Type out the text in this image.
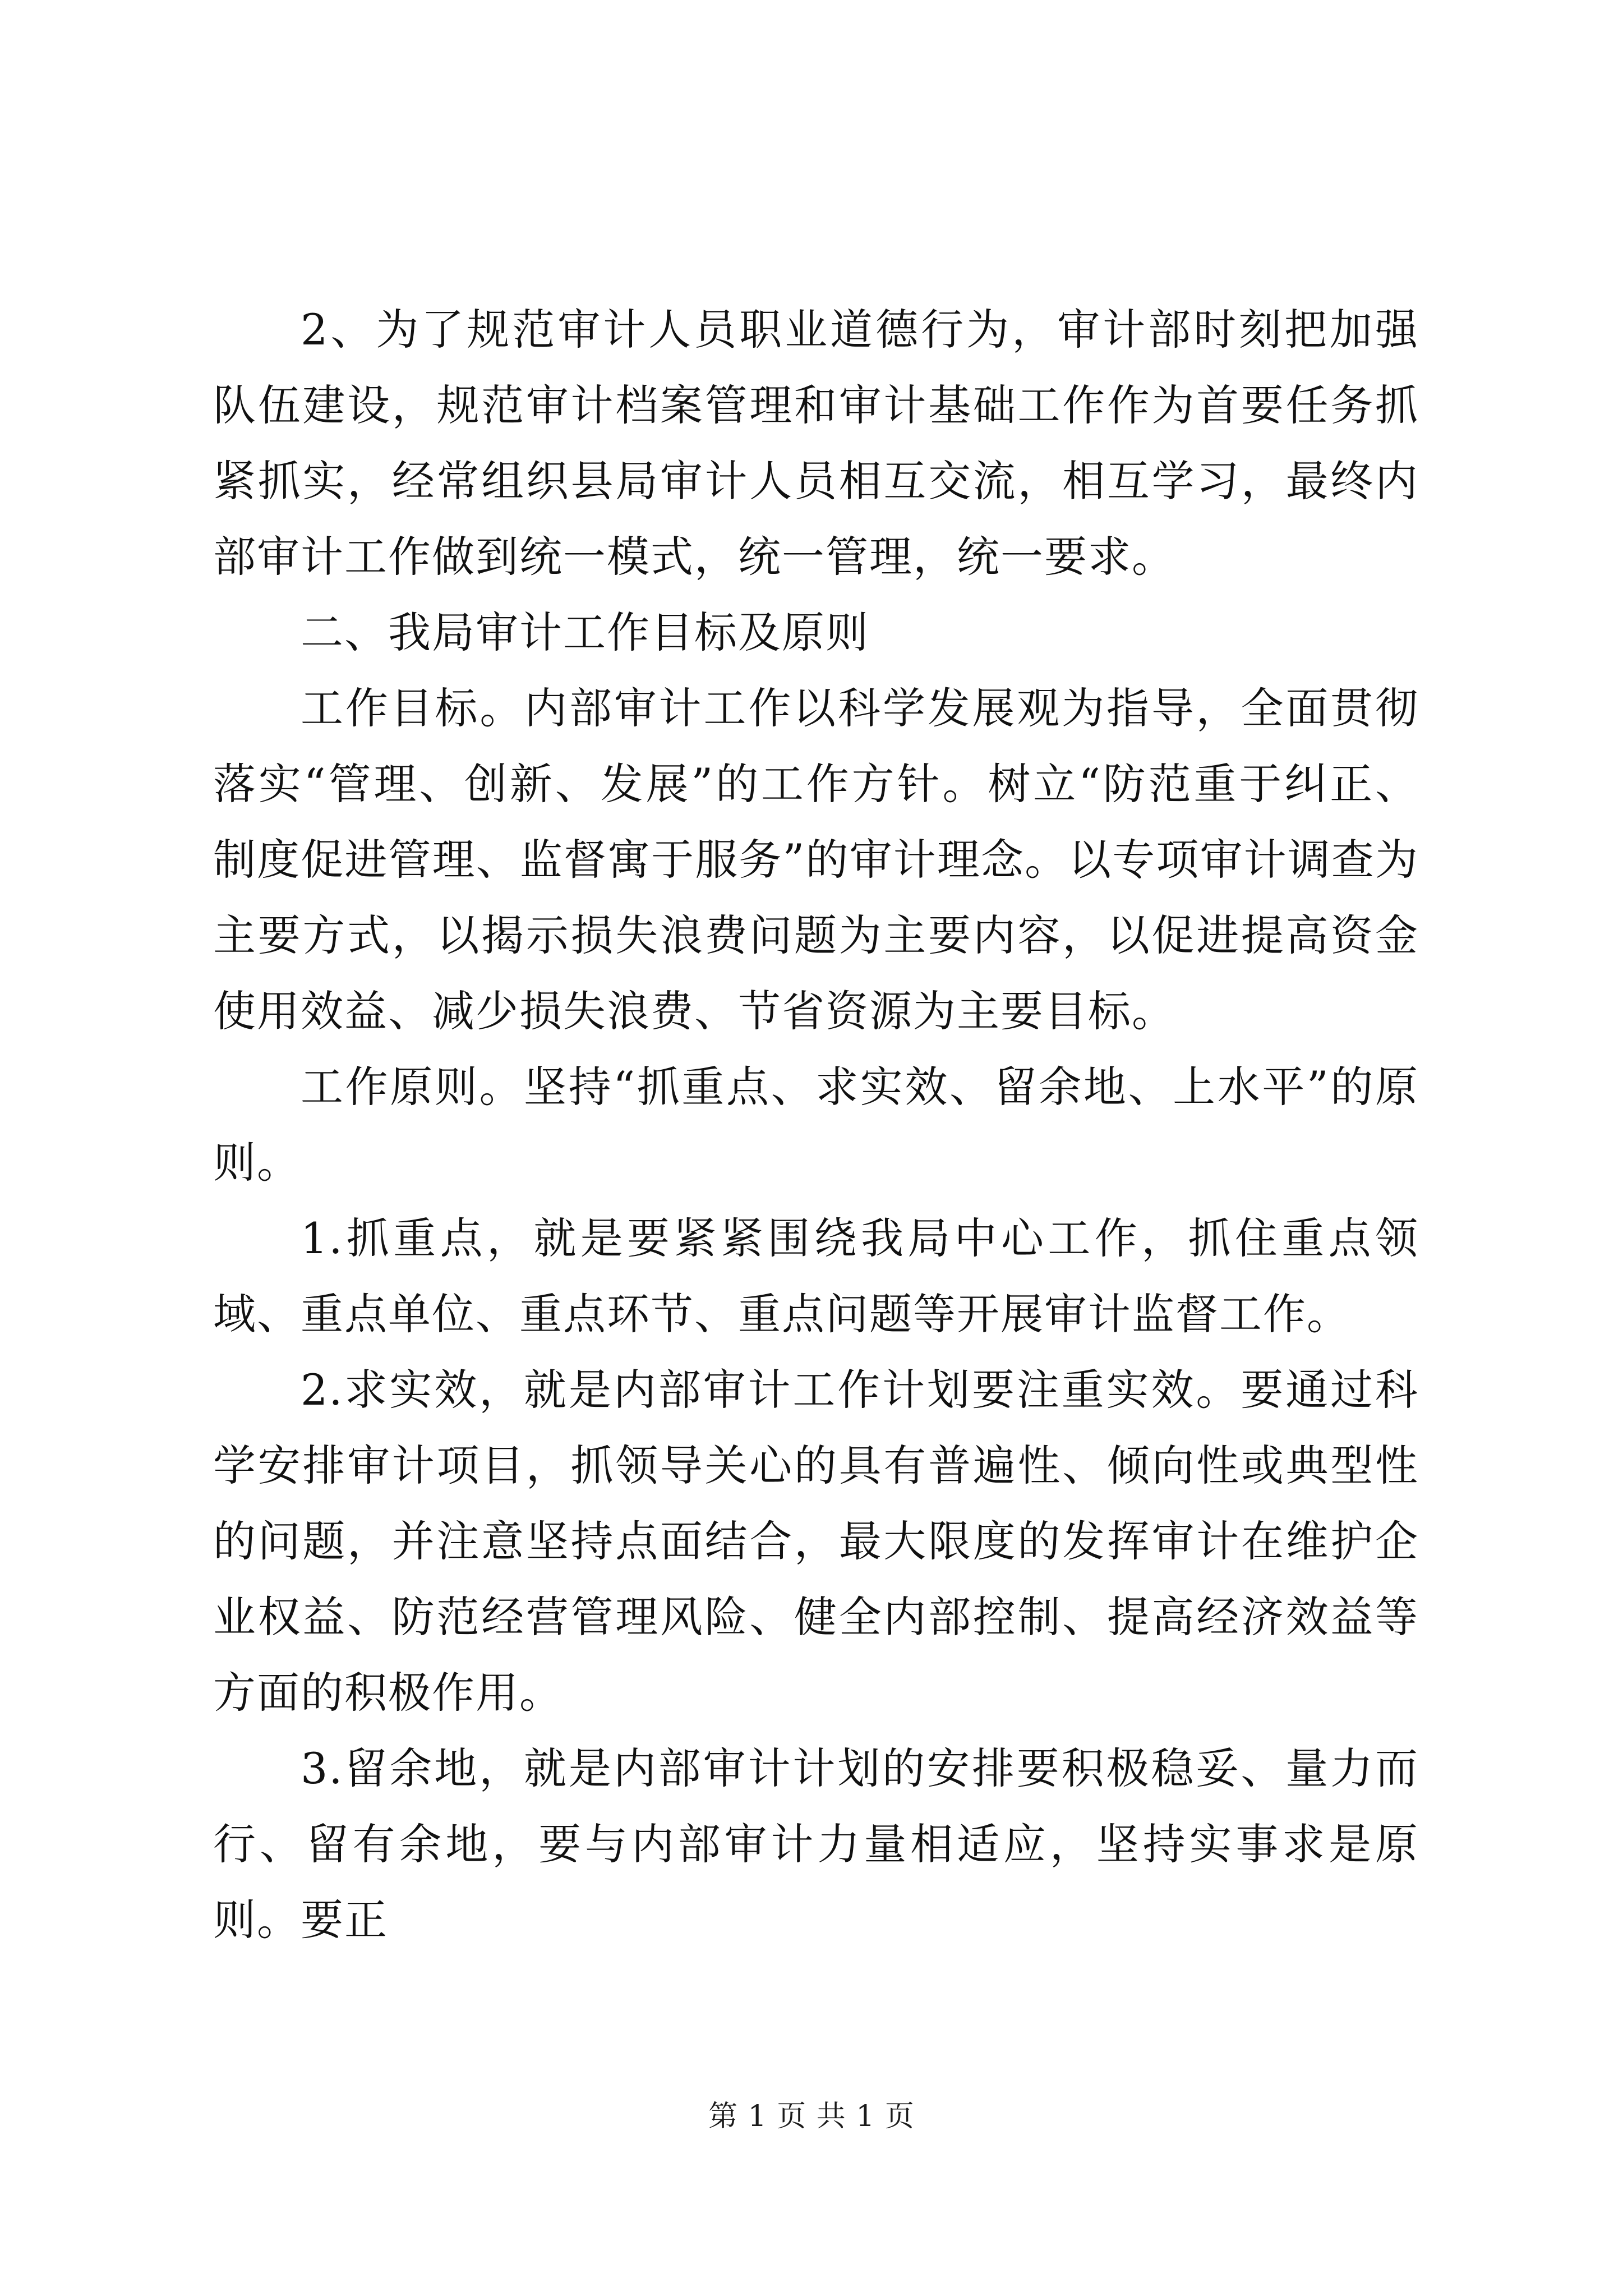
2、为了规范审计人员职业道德行为，审计部时刻把加强队伍建设，规范审计档案管理和审计基础工作作为首要任务抓紧抓实，经常组织县局审计人员相互交流，相互学习，最终内部审计工作做到统一模式，统一管理，统一要求。

二、我局审计工作目标及原则

工作目标。内部审计工作以科学发展观为指导，全面贯彻落实“管理、创新、发展”的工作方针。树立“防范重于纠正、制度促进管理、监督寓于服务”的审计理念。以专项审计调查为主要方式，以揭示损失浪费问题为主要内容，以促进提高资金使用效益、减少损失浪费、节省资源为主要目标。

工作原则。坚持“抓重点、求实效、留余地、上水平”的原则。

1.抓重点，就是要紧紧围绕我局中心工作，抓住重点领域、重点单位、重点环节、重点问题等开展审计监督工作。

2.求实效，就是内部审计工作计划要注重实效。要通过科学安排审计项目，抓领导关心的具有普遍性、倾向性或典型性的问题，并注意坚持点面结合，最大限度的发挥审计在维护企业权益、防范经营管理风险、健全内部控制、提高经济效益等方面的积极作用。

3.留余地，就是内部审计计划的安排要积极稳妥、量力而行、留有余地，要与内部审计力量相适应，坚持实事求是原则。要正

第 1 页 共 1 页
